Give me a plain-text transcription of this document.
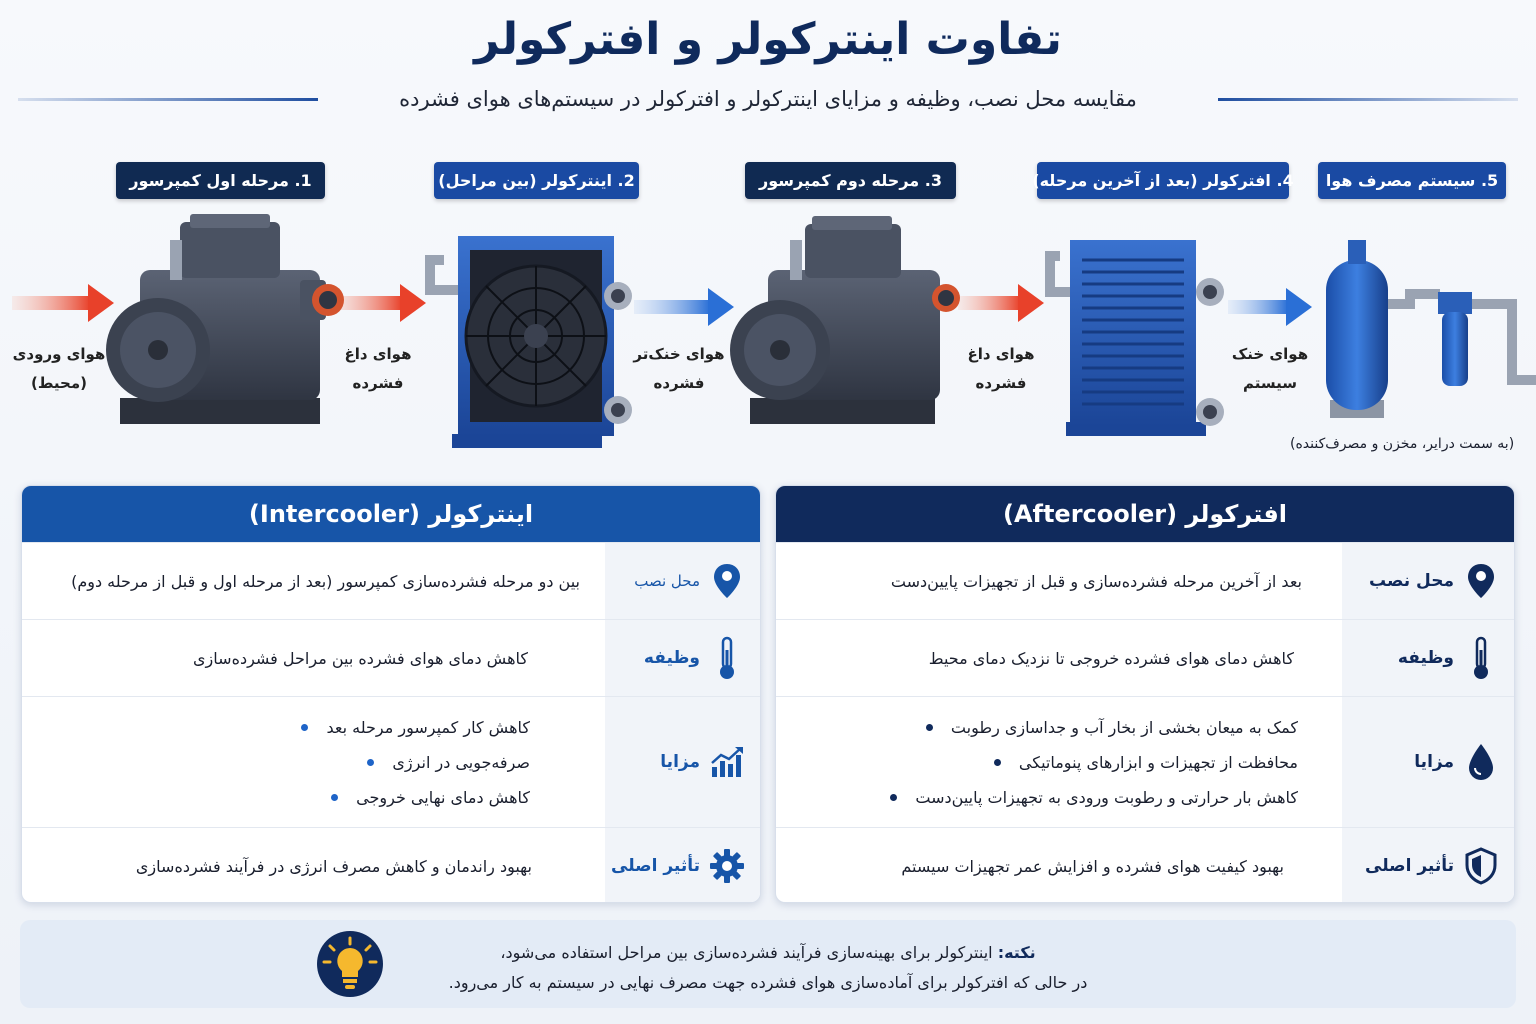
تفاوت اینترکولر و افترکولر
مقایسه محل نصب، وظیفه و مزایای اینترکولر و افترکولر در سیستم‌های هوای فشرده
1. مرحله اول کمپرسور	2. اینترکولر (بین مراحل)	3. مرحله دوم کمپرسور	4. افترکولر (بعد از آخرین مرحله)	5. سیستم مصرف هوا
هوای ورودی
(محیط)
هوای داغ
فشرده
هوای خنک‌تر
فشرده
هوای داغ
فشرده
هوای خنک
سیستم
(به سمت درایر، مخزن و مصرف‌کننده)
افترکولر (Aftercooler)
محل نصب
بعد از آخرین مرحله فشرده‌سازی و قبل از تجهیزات پایین‌دست
وظیفه
کاهش دمای هوای فشرده خروجی تا نزدیک دمای محیط
مزایا
کمک به میعان بخشی از بخار آب و جداسازی رطوبت
محافظت از تجهیزات و ابزارهای پنوماتیکی
کاهش بار حرارتی و رطوبت ورودی به تجهیزات پایین‌دست
تأثیر اصلی
بهبود کیفیت هوای فشرده و افزایش عمر تجهیزات سیستم
اینترکولر (Intercooler)
محل نصب
بین دو مرحله فشرده‌سازی کمپرسور (بعد از مرحله اول و قبل از مرحله دوم)
وظیفه
کاهش دمای هوای فشرده بین مراحل فشرده‌سازی
مزایا
کاهش کار کمپرسور مرحله بعد
صرفه‌جویی در انرژی
کاهش دمای نهایی خروجی
تأثیر اصلی
بهبود راندمان و کاهش مصرف انرژی در فرآیند فشرده‌سازی
نکته: اینترکولر برای بهینه‌سازی فرآیند فشرده‌سازی بین مراحل استفاده می‌شود،
در حالی که افترکولر برای آماده‌سازی هوای فشرده جهت مصرف نهایی در سیستم به کار می‌رود.
